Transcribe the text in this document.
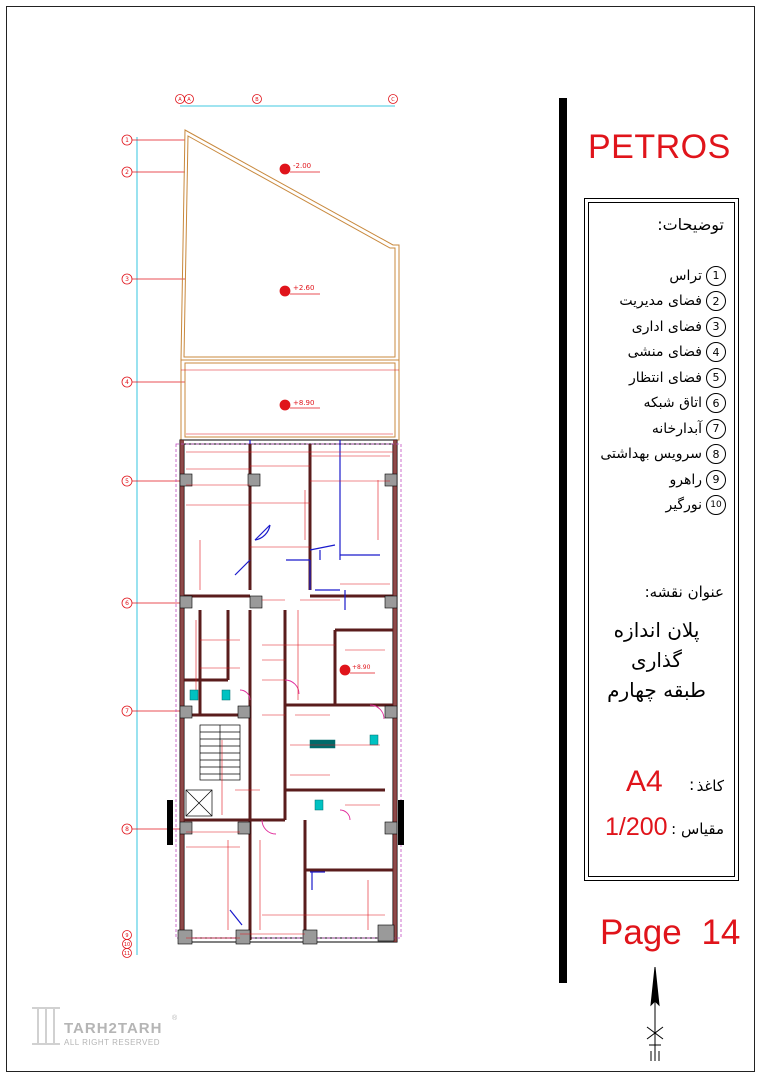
A A	B	C
1
2
3
4
5
6
7
8
9
10
11
-2.00
+2.60
+8.90
+8.90
PETROS
توضیحات:
1
تراس
2
فضای مدیریت
3
فضای اداری
4
فضای منشی
5
فضای انتظار
6
اتاق شبکه
7
آبدارخانه
8
سرویس بهداشتی
9
راهرو
10
نورگیر
عنوان نقشه:
پلان اندازه گذاری
طبقه چهارم
کاغذ
:
A4
مقیاس :
1/200
Page 14
TARH2TARH
ALL RIGHT RESERVED
®
